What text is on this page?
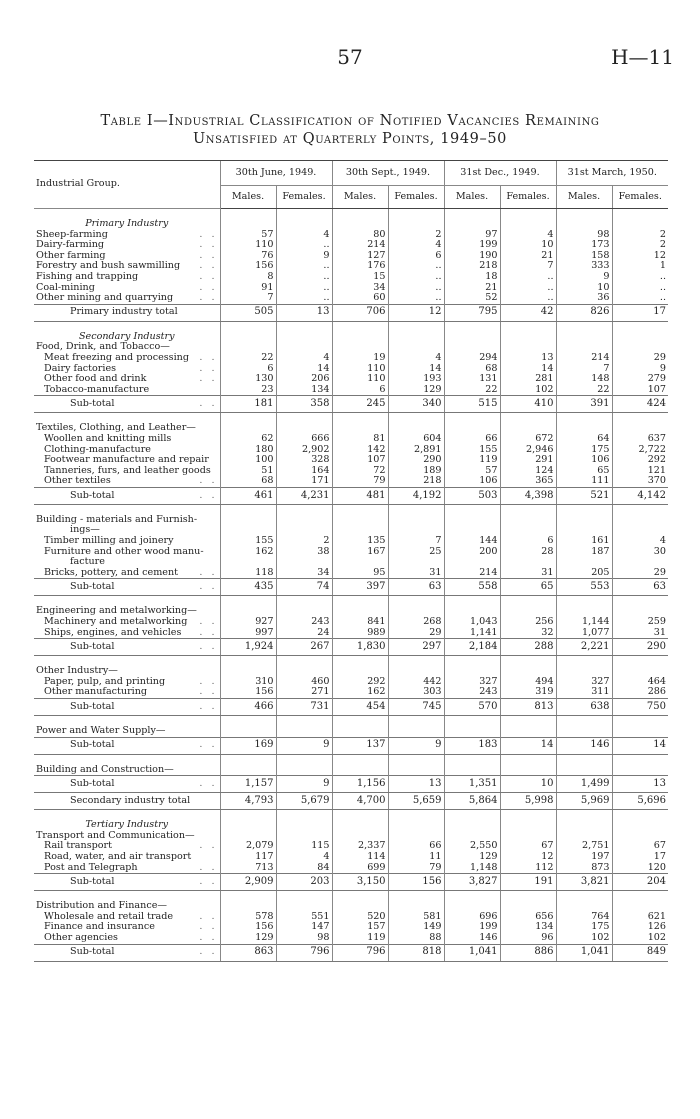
57	H—11
Table I—Industrial Classification of Notified Vacancies Remaining
Unsatisfied at Quarterly Points, 1949–50
Industrial Group.	30th June, 1949.		30th Sept., 1949.		31st Dec., 1949.		31st March, 1950.	
	Males.	Females.	Males.	Females.	Males.	Females.	Males.	Females.
Primary Industry								
Sheep-farming . .	57	4	80	2	97	4	98	2
Dairy-farming . .	110	..	214	4	199	10	173	2
Other farming . .	76	9	127	6	190	21	158	12
Forestry and bush sawmilling . .	156	..	176	..	218	7	333	1
Fishing and trapping . .	8	..	15	..	18	..	9	..
Coal-mining . .	91	..	34	..	21	..	10	..
Other mining and quarrying . .	7	..	60	..	52	..	36	..
Primary industry total	505	13	706	12	795	42	826	17
Secondary Industry								
Food, Drink, and Tobacco—								
Meat freezing and processing . .	22	4	19	4	294	13	214	29
Dairy factories . .	6	14	110	14	68	14	7	9
Other food and drink . .	130	206	110	193	131	281	148	279
Tobacco-manufacture	23	134	6	129	22	102	22	107
Sub-total . .	181	358	245	340	515	410	391	424
Textiles, Clothing, and Leather—								
Woollen and knitting mills	62	666	81	604	66	672	64	637
Clothing-manufacture	180	2,902	142	2,891	155	2,946	175	2,722
Footwear manufacture and repair	100	328	107	290	119	291	106	292
Tanneries, furs, and leather goods	51	164	72	189	57	124	65	121
Other textiles . .	68	171	79	218	106	365	111	370
Sub-total . .	461	4,231	481	4,192	503	4,398	521	4,142
Building - materials and Furnish-								
ings—								
Timber milling and joinery	155	2	135	7	144	6	161	4
Furniture and other wood manu-	162	38	167	25	200	28	187	30
facture								
Bricks, pottery, and cement . .	118	34	95	31	214	31	205	29
Sub-total . .	435	74	397	63	558	65	553	63
Engineering and metalworking—								
Machinery and metalworking . .	927	243	841	268	1,043	256	1,144	259
Ships, engines, and vehicles . .	997	24	989	29	1,141	32	1,077	31
Sub-total . .	1,924	267	1,830	297	2,184	288	2,221	290
Other Industry—								
Paper, pulp, and printing . .	310	460	292	442	327	494	327	464
Other manufacturing . .	156	271	162	303	243	319	311	286
Sub-total . .	466	731	454	745	570	813	638	750
Power and Water Supply—								
Sub-total . .	169	9	137	9	183	14	146	14
Building and Construction—								
Sub-total . .	1,157	9	1,156	13	1,351	10	1,499	13
Secondary industry total	4,793	5,679	4,700	5,659	5,864	5,998	5,969	5,696
Tertiary Industry								
Transport and Communication—								
Rail transport . .	2,079	115	2,337	66	2,550	67	2,751	67
Road, water, and air transport	117	4	114	11	129	12	197	17
Post and Telegraph . .	713	84	699	79	1,148	112	873	120
Sub-total . .	2,909	203	3,150	156	3,827	191	3,821	204
Distribution and Finance—								
Wholesale and retail trade . .	578	551	520	581	696	656	764	621
Finance and insurance . .	156	147	157	149	199	134	175	126
Other agencies . .	129	98	119	88	146	96	102	102
Sub-total . .	863	796	796	818	1,041	886	1,041	849
